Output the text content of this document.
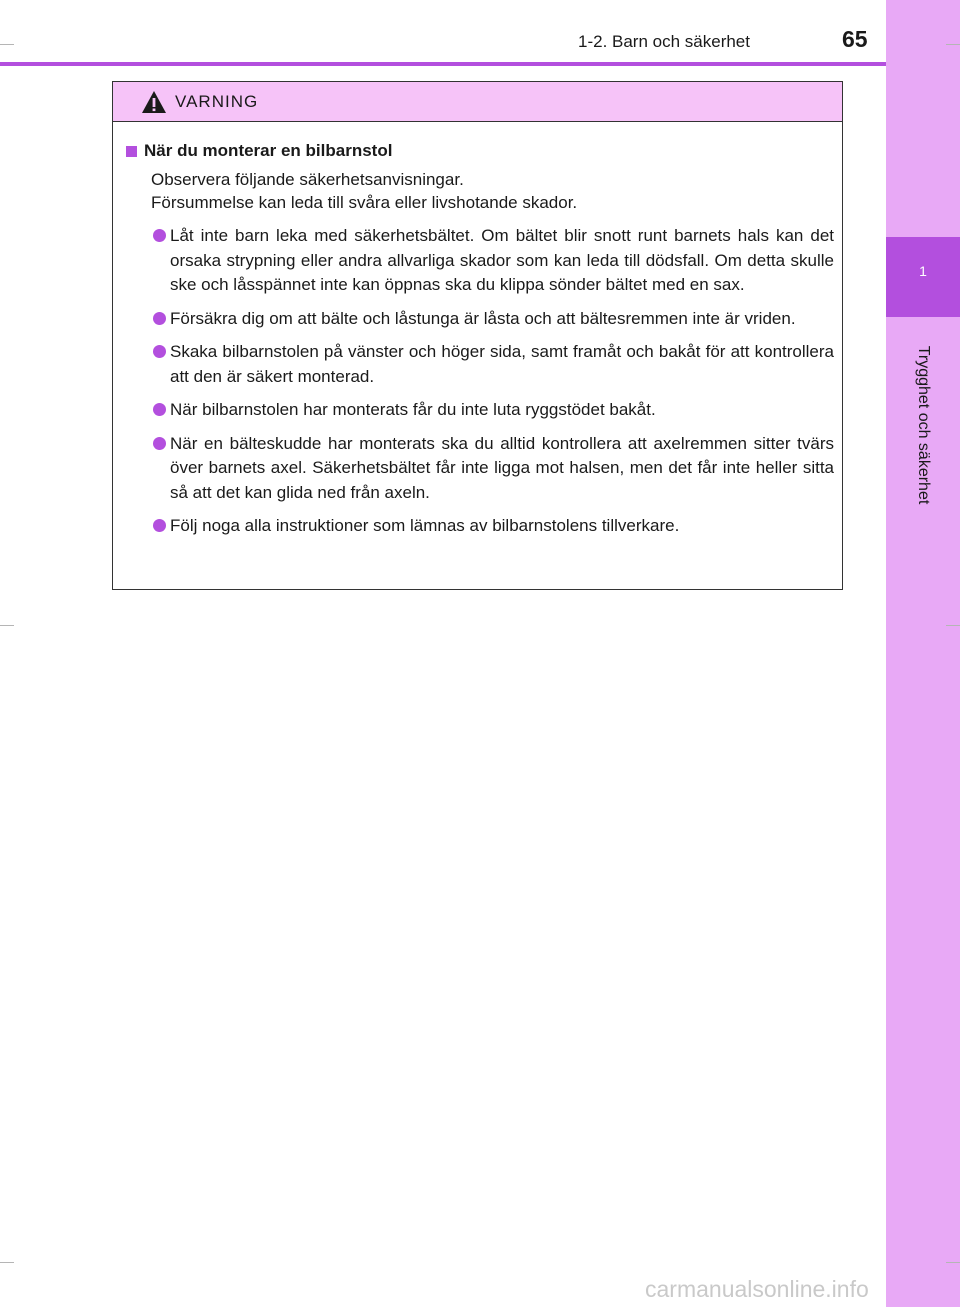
1
Trygghet och säkerhet
1-2. Barn och säkerhet	65
VARNING
När du monterar en bilbarnstol
Observera följande säkerhetsanvisningar.
Försummelse kan leda till svåra eller livshotande skador.
Låt inte barn leka med säkerhetsbältet. Om bältet blir snott runt barnets hals kan det orsaka strypning eller andra allvarliga skador som kan leda till dödsfall. Om detta skulle ske och låsspännet inte kan öppnas ska du klippa sönder bältet med en sax.
Försäkra dig om att bälte och låstunga är låsta och att bältesremmen inte är vriden.
Skaka bilbarnstolen på vänster och höger sida, samt framåt och bakåt för att kontrollera att den är säkert monterad.
När bilbarnstolen har monterats får du inte luta ryggstödet bakåt.
När en bälteskudde har monterats ska du alltid kontrollera att axelremmen sitter tvärs över barnets axel. Säkerhetsbältet får inte ligga mot halsen, men det får inte heller sitta så att det kan glida ned från axeln.
Följ noga alla instruktioner som lämnas av bilbarnstolens tillverkare.
carmanualsonline.info
